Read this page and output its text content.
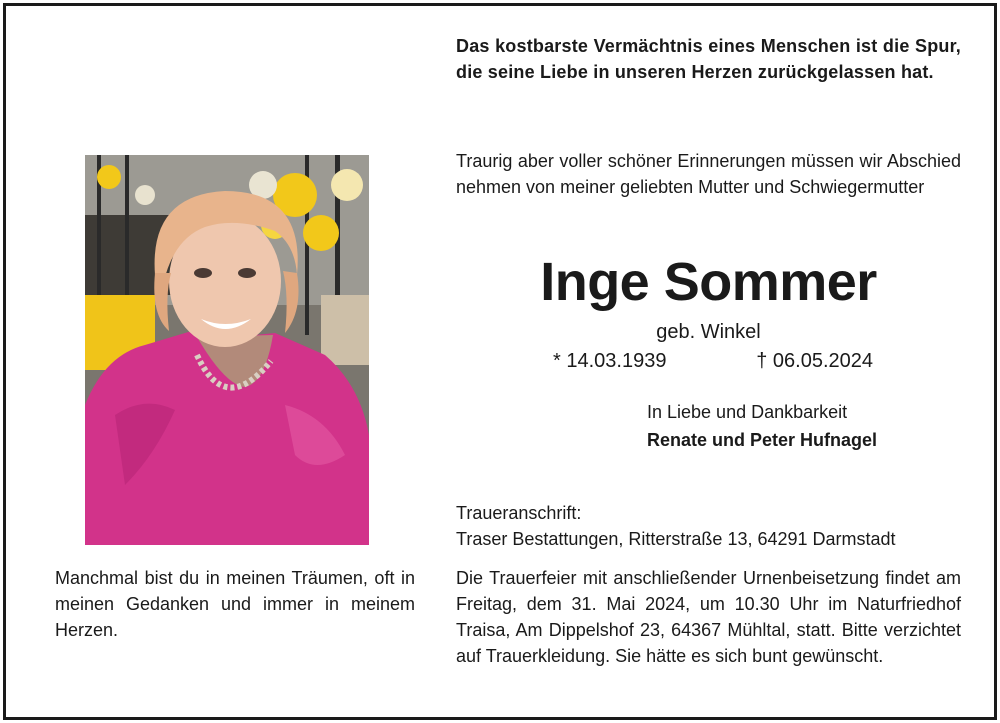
Das kostbarste Vermächtnis eines Menschen ist die Spur, die seine Liebe in unseren Herzen zurückgelassen hat.

Traurig aber voller schöner Erinnerungen müssen wir Abschied nehmen von meiner geliebten Mutter und Schwiegermutter

Inge Sommer
geb. Winkel
* 14.03.1939	† 06.05.2024
In Liebe und Dankbarkeit
Renate und Peter Hufnagel
Traueranschrift:
Traser Bestattungen, Ritterstraße 13, 64291 Darmstadt

Die Trauerfeier mit anschließender Urnenbeisetzung findet am Freitag, dem 31. Mai 2024, um 10.30 Uhr im Naturfriedhof Traisa, Am Dippelshof 23, 64367 Mühltal, statt. Bitte verzichtet auf Trauerkleidung. Sie hätte es sich bunt gewünscht.

Manchmal bist du in meinen Träumen, oft in meinen Gedanken und immer in meinem Herzen.
